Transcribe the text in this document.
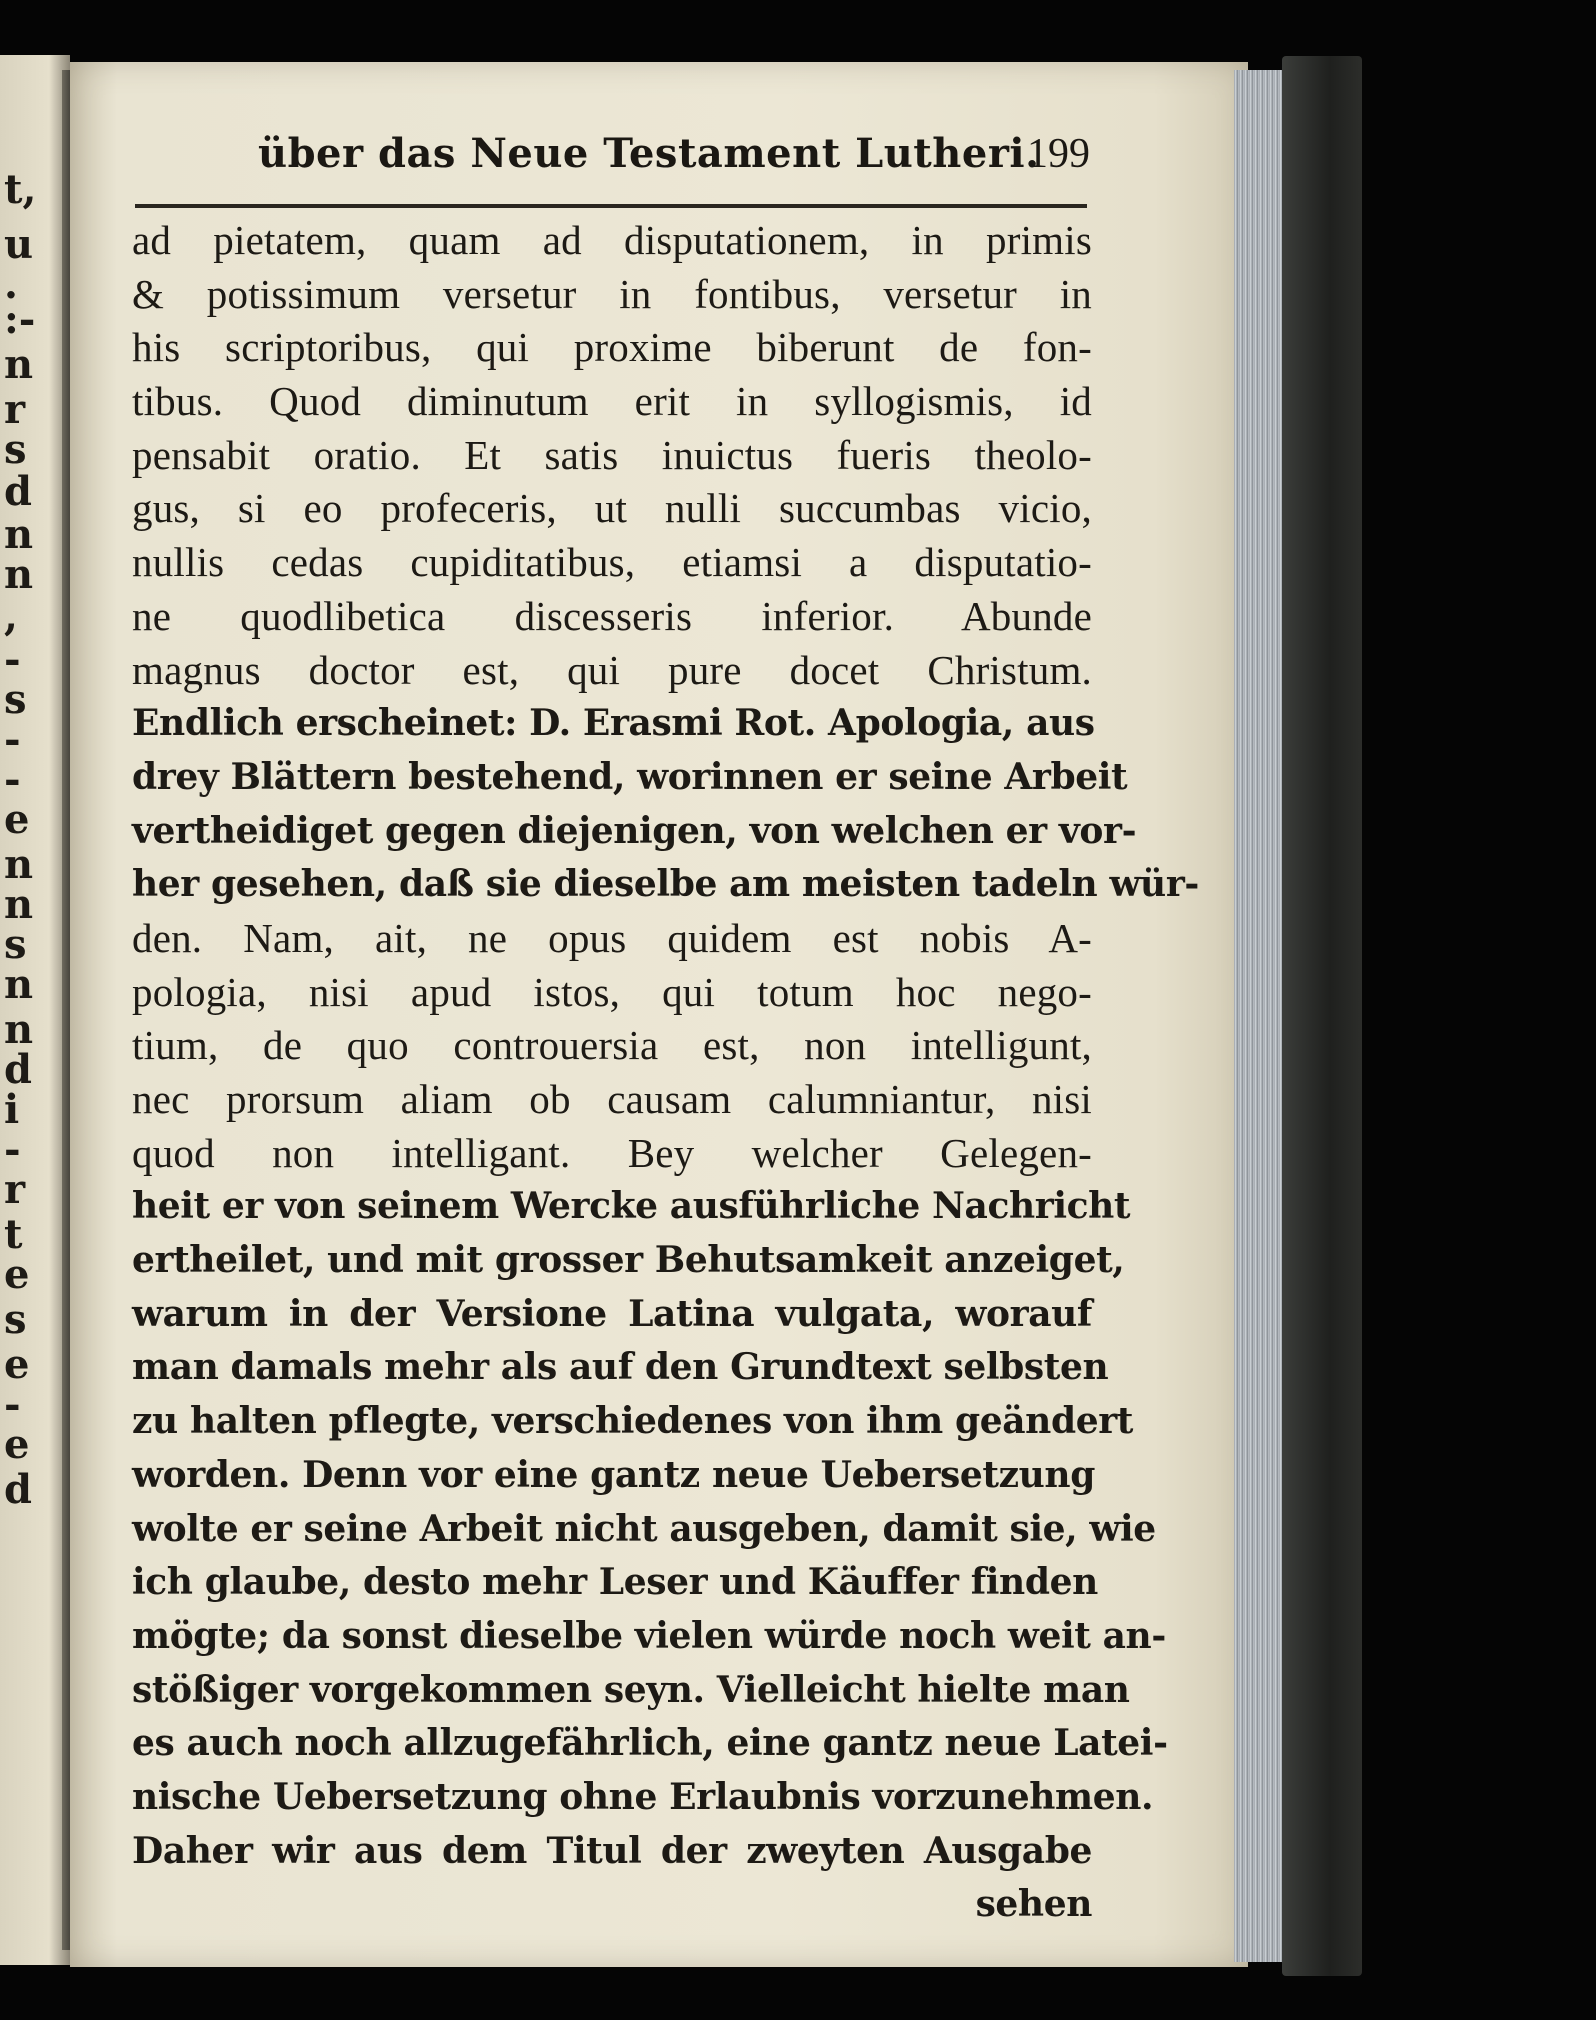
t,
u
.
:-
n
r
s
d
n
n
,
-
s
-
-
e
n
n
s
n
n
d
i
-
r
t
e
s
e
-
e
d
über das Neue Testament Lutheri.
199
ad pietatem, quam ad disputationem, in primis
& potissimum versetur in fontibus, versetur in
his scriptoribus, qui proxime biberunt de fon-
tibus. Quod diminutum erit in syllogismis, id
pensabit oratio. Et satis inuictus fueris theolo-
gus, si eo profeceris, ut nulli succumbas vicio,
nullis cedas cupiditatibus, etiamsi a disputatio-
ne quodlibetica discesseris inferior. Abunde
magnus doctor est, qui pure docet Christum.
Endlich erscheinet: D. Erasmi Rot. Apologia, aus
drey Blättern bestehend, worinnen er seine Arbeit
vertheidiget gegen diejenigen, von welchen er vor-
her gesehen, daß sie dieselbe am meisten tadeln wür-
den. Nam, ait, ne opus quidem est nobis A-
pologia, nisi apud istos, qui totum hoc nego-
tium, de quo controuersia est, non intelligunt,
nec prorsum aliam ob causam calumniantur, nisi
quod non intelligant. Bey welcher Gelegen-
heit er von seinem Wercke ausführliche Nachricht
ertheilet, und mit grosser Behutsamkeit anzeiget,
warum in der Versione Latina vulgata, worauf
man damals mehr als auf den Grundtext selbsten
zu halten pflegte, verschiedenes von ihm geändert
worden. Denn vor eine gantz neue Uebersetzung
wolte er seine Arbeit nicht ausgeben, damit sie, wie
ich glaube, desto mehr Leser und Käuffer finden
mögte; da sonst dieselbe vielen würde noch weit an-
stößiger vorgekommen seyn. Vielleicht hielte man
es auch noch allzugefährlich, eine gantz neue Latei-
nische Uebersetzung ohne Erlaubnis vorzunehmen.
Daher wir aus dem Titul der zweyten Ausgabe
sehen
